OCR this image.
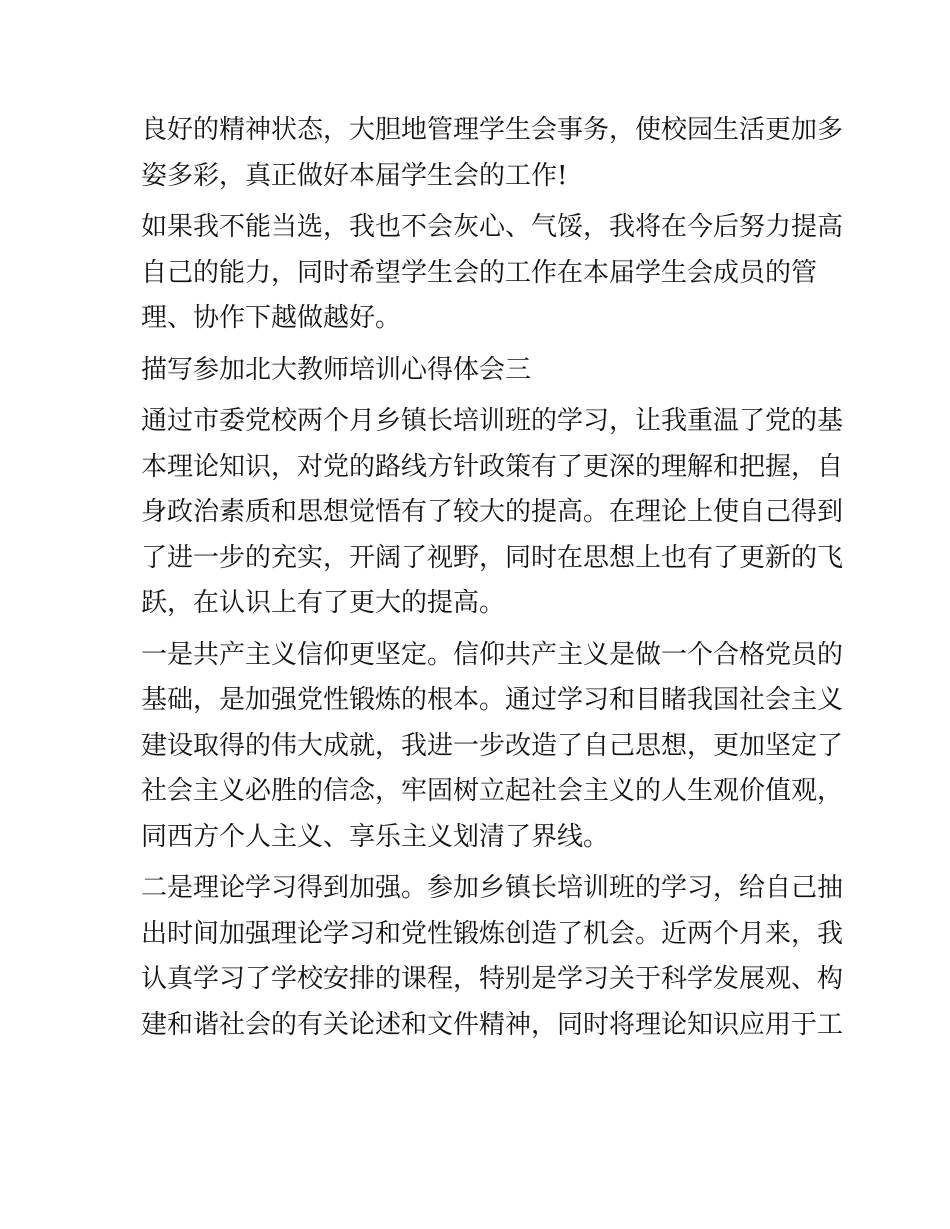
良好的精神状态，大胆地管理学生会事务，使校园生活更加多
姿多彩，真正做好本届学生会的工作!
如果我不能当选，我也不会灰心、气馁，我将在今后努力提高
自己的能力，同时希望学生会的工作在本届学生会成员的管
理、协作下越做越好。
描写参加北大教师培训心得体会三
通过市委党校两个月乡镇长培训班的学习，让我重温了党的基
本理论知识，对党的路线方针政策有了更深的理解和把握，自
身政治素质和思想觉悟有了较大的提高。在理论上使自己得到
了进一步的充实，开阔了视野，同时在思想上也有了更新的飞
跃，在认识上有了更大的提高。
一是共产主义信仰更坚定。信仰共产主义是做一个合格党员的
基础，是加强党性锻炼的根本。通过学习和目睹我国社会主义
建设取得的伟大成就，我进一步改造了自己思想，更加坚定了
社会主义必胜的信念，牢固树立起社会主义的人生观价值观，
同西方个人主义、享乐主义划清了界线。
二是理论学习得到加强。参加乡镇长培训班的学习，给自己抽
出时间加强理论学习和党性锻炼创造了机会。近两个月来，我
认真学习了学校安排的课程，特别是学习关于科学发展观、构
建和谐社会的有关论述和文件精神，同时将理论知识应用于工
